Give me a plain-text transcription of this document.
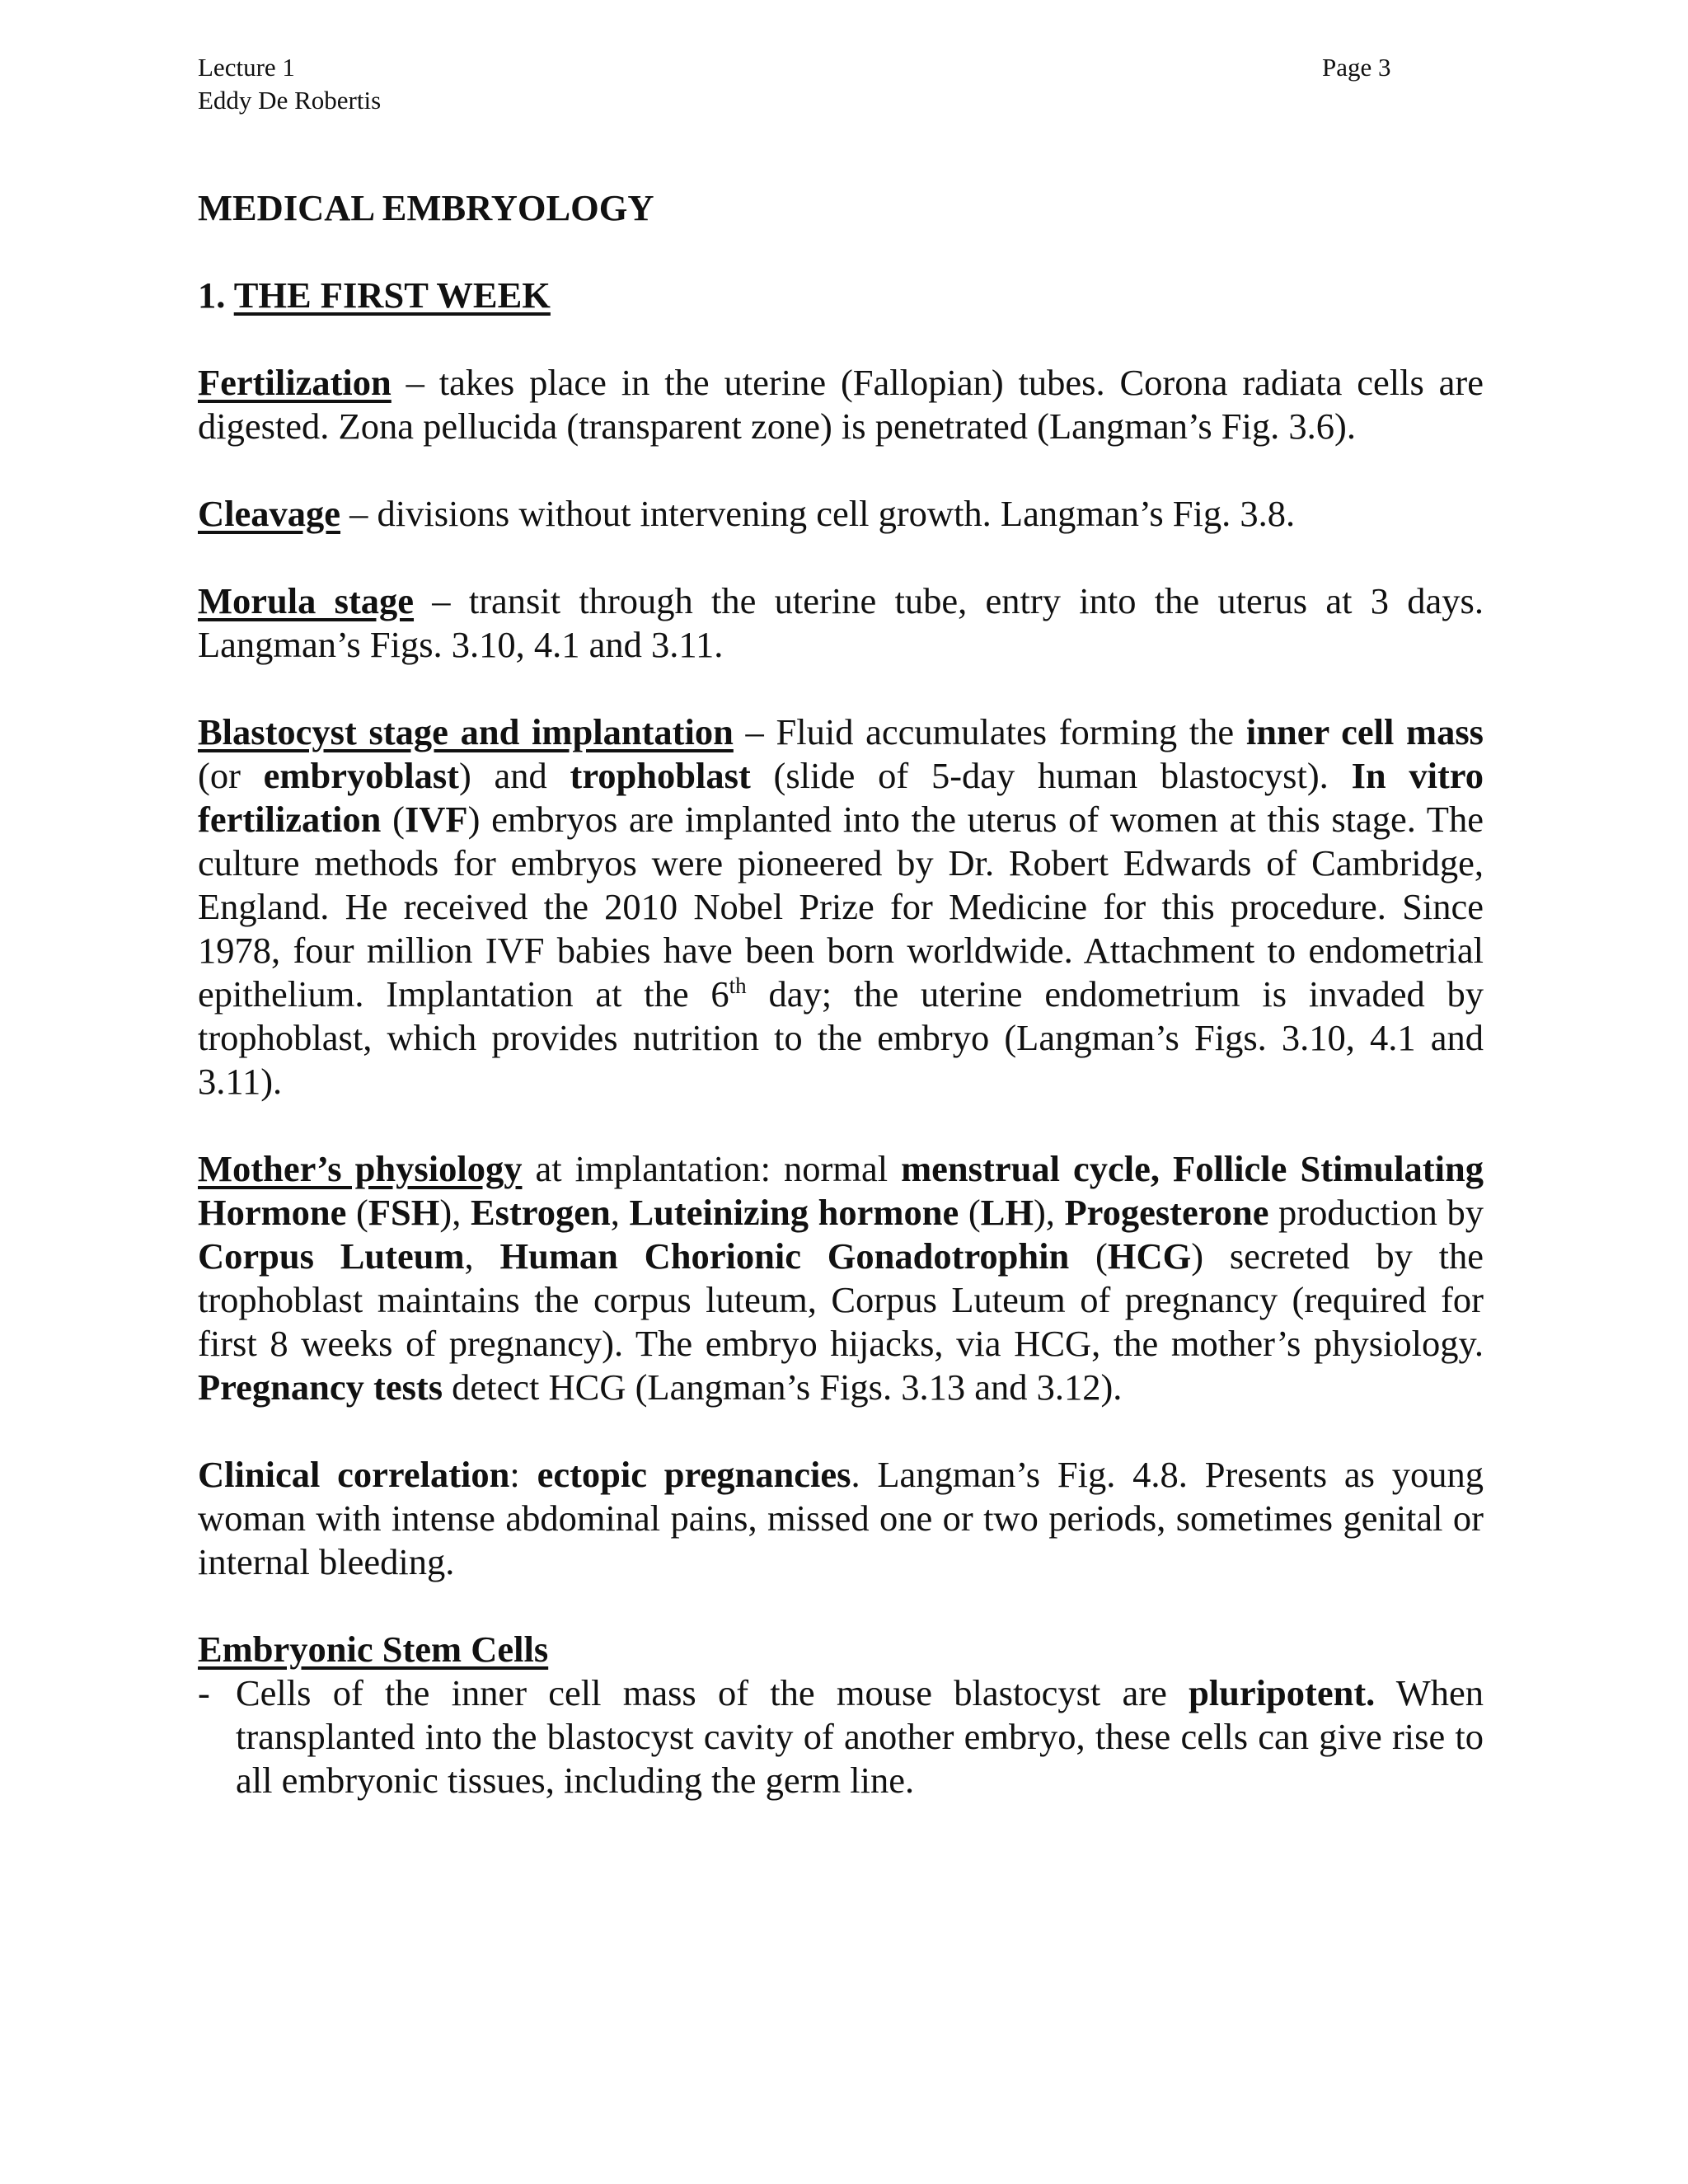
Lecture 1
Eddy De Robertis
Page 3
MEDICAL EMBRYOLOGY
1. THE FIRST WEEK

Fertilization – takes place in the uterine (Fallopian) tubes. Corona radiata cells are digested. Zona pellucida (transparent zone) is penetrated (Langman’s Fig. 3.6).

Cleavage – divisions without intervening cell growth. Langman’s Fig. 3.8.

Morula stage – transit through the uterine tube, entry into the uterus at 3 days. Langman’s Figs. 3.10, 4.1 and 3.11.

Blastocyst stage and implantation – Fluid accumulates forming the inner cell mass (or embryoblast) and trophoblast (slide of 5-day human blastocyst). In vitro fertilization (IVF) embryos are implanted into the uterus of women at this stage. The culture methods for embryos were pioneered by Dr. Robert Edwards of Cambridge, England. He received the 2010 Nobel Prize for Medicine for this procedure. Since 1978, four million IVF babies have been born worldwide. Attachment to endometrial epithelium. Implantation at the 6th day; the uterine endometrium is invaded by trophoblast, which provides nutrition to the embryo (Langman’s Figs. 3.10, 4.1 and 3.11).

Mother’s physiology at implantation: normal menstrual cycle, Follicle Stimulating Hormone (FSH), Estrogen, Luteinizing hormone (LH), Progesterone production by Corpus Luteum, Human Chorionic Gonadotrophin (HCG) secreted by the trophoblast maintains the corpus luteum, Corpus Luteum of pregnancy (required for first 8 weeks of pregnancy). The embryo hijacks, via HCG, the mother’s physiology. Pregnancy tests detect HCG (Langman’s Figs. 3.13 and 3.12).

Clinical correlation: ectopic pregnancies. Langman’s Fig. 4.8. Presents as young woman with intense abdominal pains, missed one or two periods, sometimes genital or internal bleeding.

Embryonic Stem Cells

- Cells of the inner cell mass of the mouse blastocyst are pluripotent. When transplanted into the blastocyst cavity of another embryo, these cells can give rise to all embryonic tissues, including the germ line.
